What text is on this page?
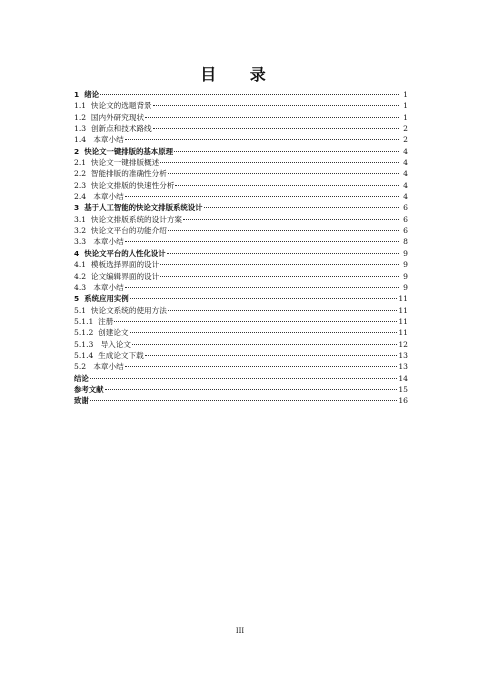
目 录
1  绪论	1
1.1  快论文的选题背景	1
1.2  国内外研究现状	1
1.3  创新点和技术路线	2
1.4   本章小结	2
2  快论文一键排版的基本原理	4
2.1  快论文一键排版概述	4
2.2  智能排版的准确性分析	4
2.3  快论文排版的快速性分析	4
2.4   本章小结	4
3  基于人工智能的快论文排版系统设计	6
3.1  快论文排版系统的设计方案	6
3.2  快论文平台的功能介绍	6
3.3   本章小结	8
4  快论文平台的人性化设计	9
4.1  模板选择界面的设计	9
4.2  论文编辑界面的设计	9
4.3   本章小结	9
5  系统应用实例	11
5.1  快论文系统的使用方法	11
5.1.1  注册	11
5.1.2  创建论文	11
5.1.3   导入论文	12
5.1.4  生成论文下载	13
5.2   本章小结	13
结论	14
参考文献	15
致谢	16
III
